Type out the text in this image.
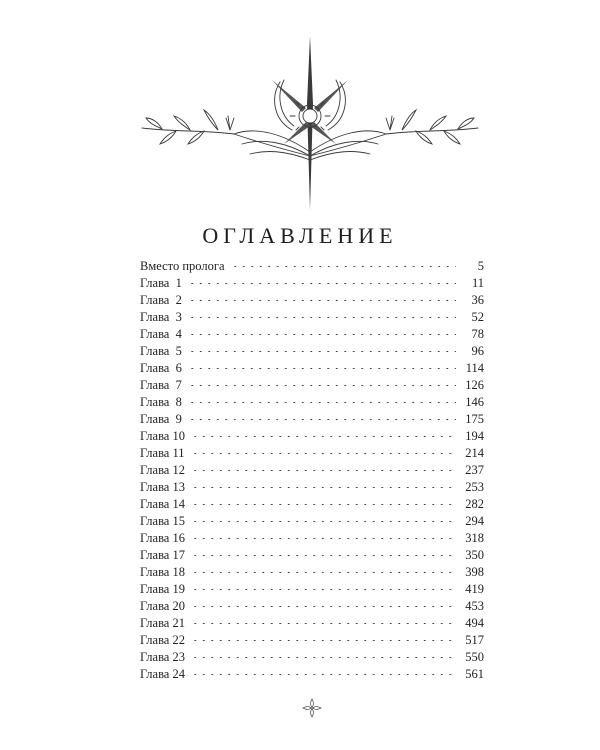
ОГЛАВЛЕНИЕ
Вместо пролога	5
Глава  1	11
Глава  2	36
Глава  3	52
Глава  4	78
Глава  5	96
Глава  6	114
Глава  7	126
Глава  8	146
Глава  9	175
Глава 10	194
Глава 11	214
Глава 12	237
Глава 13	253
Глава 14	282
Глава 15	294
Глава 16	318
Глава 17	350
Глава 18	398
Глава 19	419
Глава 20	453
Глава 21	494
Глава 22	517
Глава 23	550
Глава 24	561
